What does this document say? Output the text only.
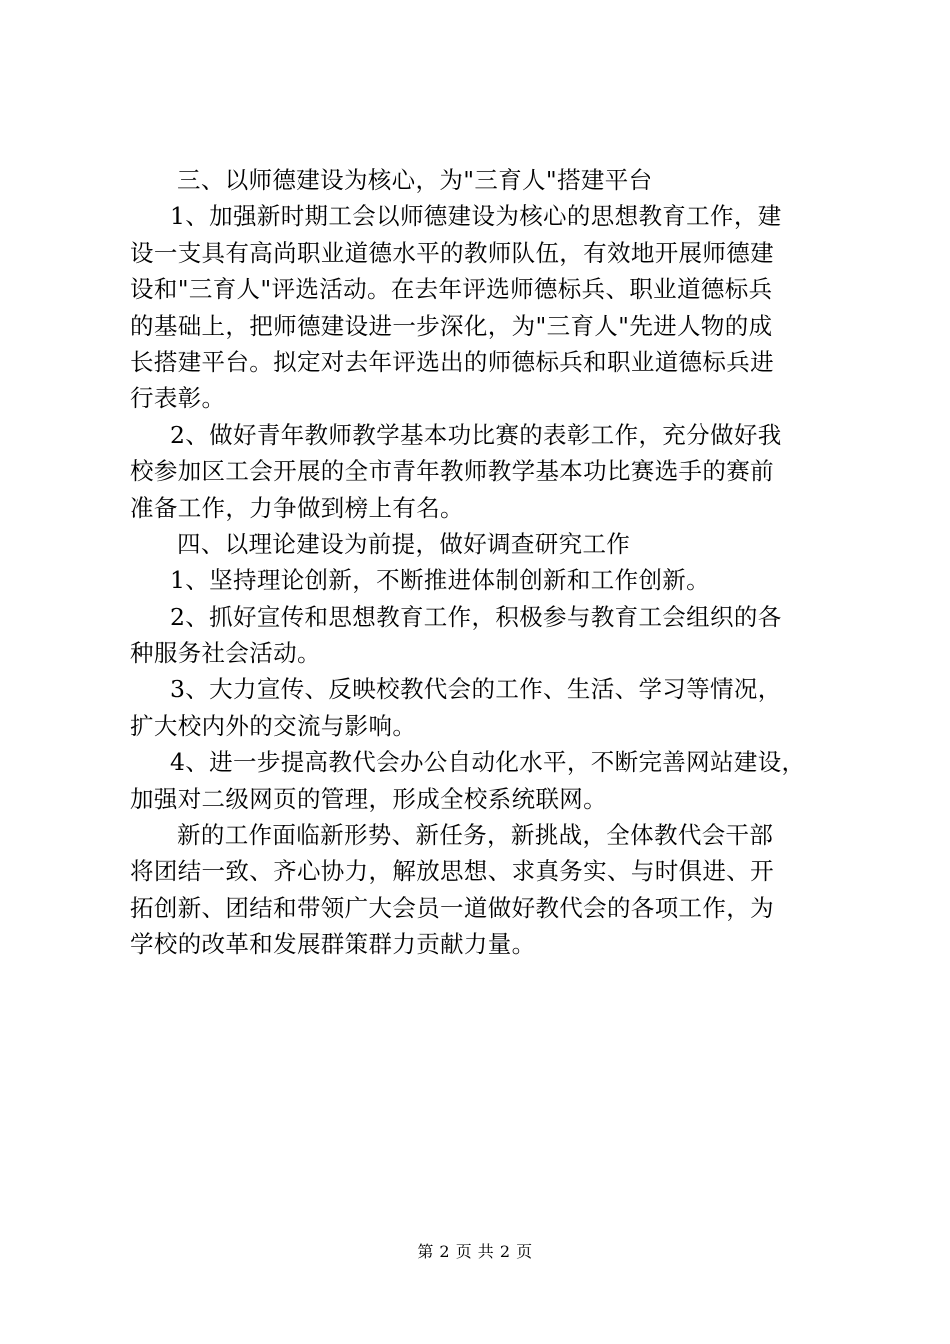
三、以师德建设为核心，为"三育人"搭建平台
1、加强新时期工会以师德建设为核心的思想教育工作，建
设一支具有高尚职业道德水平的教师队伍，有效地开展师德建
设和"三育人"评选活动。在去年评选师德标兵、职业道德标兵
的基础上，把师德建设进一步深化，为"三育人"先进人物的成
长搭建平台。拟定对去年评选出的师德标兵和职业道德标兵进
行表彰。
2、做好青年教师教学基本功比赛的表彰工作，充分做好我
校参加区工会开展的全市青年教师教学基本功比赛选手的赛前
准备工作，力争做到榜上有名。
四、以理论建设为前提，做好调查研究工作
1、坚持理论创新，不断推进体制创新和工作创新。
2、抓好宣传和思想教育工作，积极参与教育工会组织的各
种服务社会活动。
3、大力宣传、反映校教代会的工作、生活、学习等情况，
扩大校内外的交流与影响。
4、进一步提高教代会办公自动化水平，不断完善网站建设，
加强对二级网页的管理，形成全校系统联网。
新的工作面临新形势、新任务，新挑战，全体教代会干部
将团结一致、齐心协力，解放思想、求真务实、与时俱进、开
拓创新、团结和带领广大会员一道做好教代会的各项工作，为
学校的改革和发展群策群力贡献力量。
第 2 页 共 2 页
